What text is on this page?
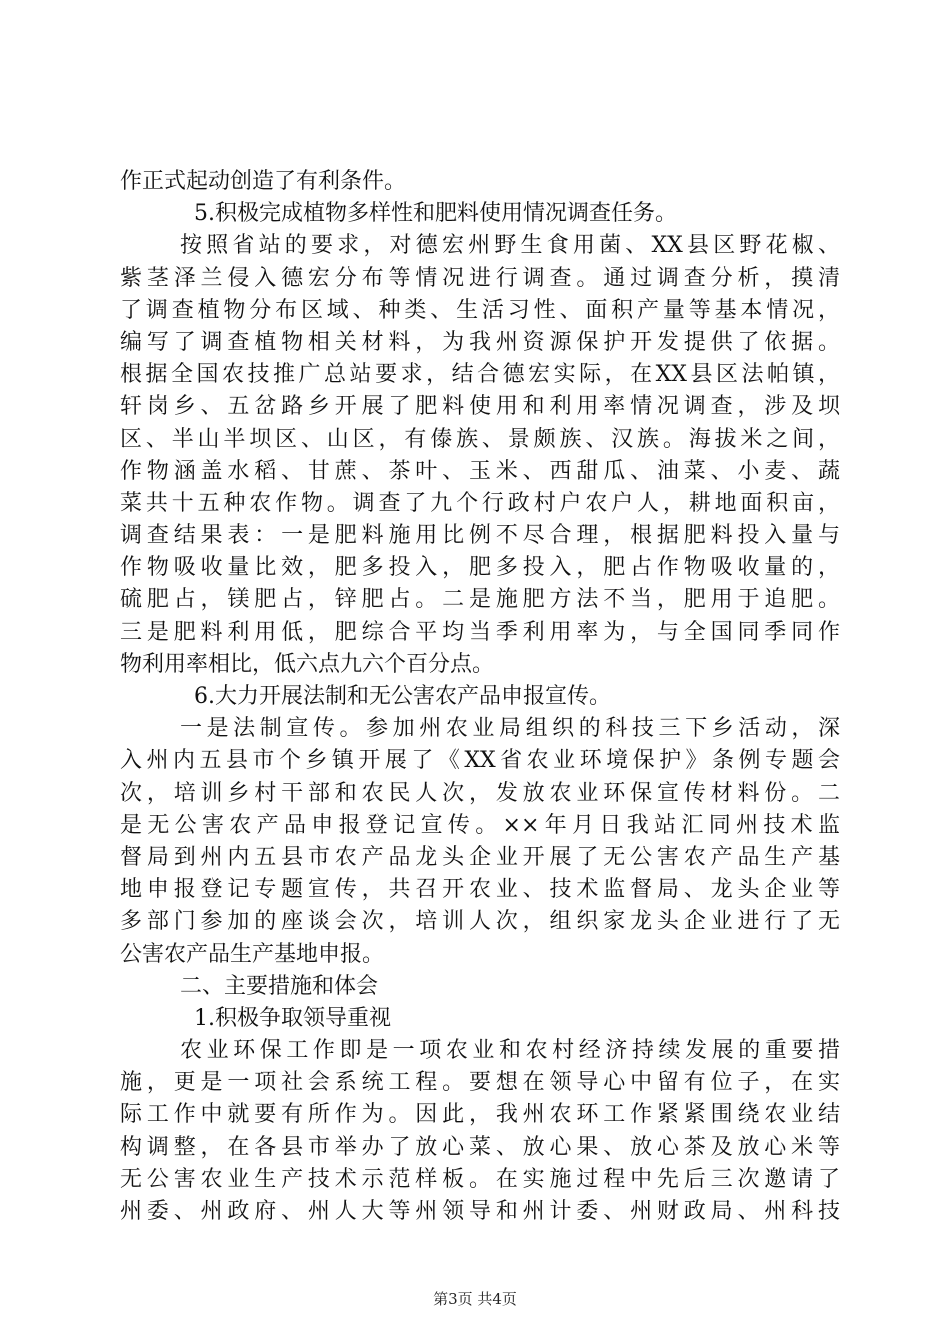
作正式起动创造了有利条件。
5.积极完成植物多样性和肥料使用情况调查任务。
按照省站的要求，对德宏州野生食用菌、XX县区野花椒、
紫茎泽兰侵入德宏分布等情况进行调查。通过调查分析，摸清
了调查植物分布区域、种类、生活习性、面积产量等基本情况，
编写了调查植物相关材料，为我州资源保护开发提供了依据。
根据全国农技推广总站要求，结合德宏实际，在XX县区法帕镇，
轩岗乡、五岔路乡开展了肥料使用和利用率情况调查，涉及坝
区、半山半坝区、山区，有傣族、景颇族、汉族。海拔米之间，
作物涵盖水稻、甘蔗、茶叶、玉米、西甜瓜、油菜、小麦、蔬
菜共十五种农作物。调查了九个行政村户农户人，耕地面积亩，
调查结果表：一是肥料施用比例不尽合理，根据肥料投入量与
作物吸收量比效，肥多投入，肥多投入，肥占作物吸收量的，
硫肥占，镁肥占，锌肥占。二是施肥方法不当，肥用于追肥。
三是肥料利用低，肥综合平均当季利用率为，与全国同季同作
物利用率相比，低六点九六个百分点。
6.大力开展法制和无公害农产品申报宣传。
一是法制宣传。参加州农业局组织的科技三下乡活动，深
入州内五县市个乡镇开展了《XX省农业环境保护》条例专题会
次，培训乡村干部和农民人次，发放农业环保宣传材料份。二
是无公害农产品申报登记宣传。××年月日我站汇同州技术监
督局到州内五县市农产品龙头企业开展了无公害农产品生产基
地申报登记专题宣传，共召开农业、技术监督局、龙头企业等
多部门参加的座谈会次，培训人次，组织家龙头企业进行了无
公害农产品生产基地申报。
二、主要措施和体会
1.积极争取领导重视
农业环保工作即是一项农业和农村经济持续发展的重要措
施，更是一项社会系统工程。要想在领导心中留有位子，在实
际工作中就要有所作为。因此，我州农环工作紧紧围绕农业结
构调整，在各县市举办了放心菜、放心果、放心茶及放心米等
无公害农业生产技术示范样板。在实施过程中先后三次邀请了
州委、州政府、州人大等州领导和州计委、州财政局、州科技
第3页 共4页
